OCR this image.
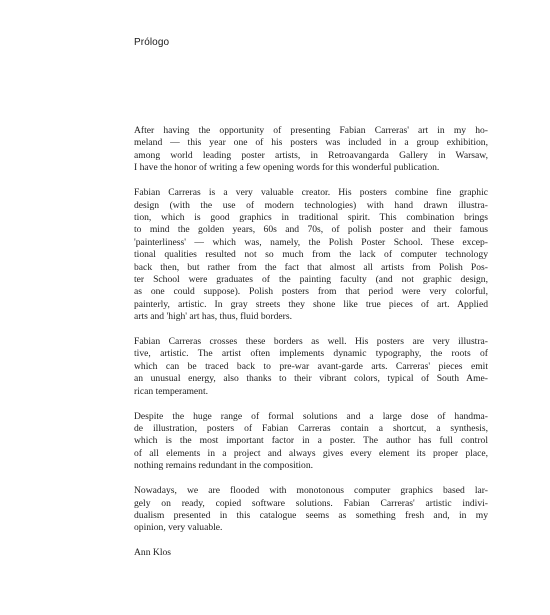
Prólogo
After having the opportunity of presenting Fabian Carreras' art in my ho-
meland — this year one of his posters was included in a group exhibition,
among world leading poster artists, in Retroavangarda Gallery in Warsaw,
I have the honor of writing a few opening words for this wonderful publication.
Fabian Carreras is a very valuable creator. His posters combine fine graphic
design (with the use of modern technologies) with hand drawn illustra-
tion, which is good graphics in traditional spirit. This combination brings
to mind the golden years, 60s and 70s, of polish poster and their famous
'painterliness' — which was, namely, the Polish Poster School. These excep-
tional qualities resulted not so much from the lack of computer technology
back then, but rather from the fact that almost all artists from Polish Pos-
ter School were graduates of the painting faculty (and not graphic design,
as one could suppose). Polish posters from that period were very colorful,
painterly, artistic. In gray streets they shone like true pieces of art. Applied
arts and 'high' art has, thus, fluid borders.
Fabian Carreras crosses these borders as well. His posters are very illustra-
tive, artistic. The artist often implements dynamic typography, the roots of
which can be traced back to pre-war avant-garde arts. Carreras' pieces emit
an unusual energy, also thanks to their vibrant colors, typical of South Ame-
rican temperament.
Despite the huge range of formal solutions and a large dose of handma-
de illustration, posters of Fabian Carreras contain a shortcut, a synthesis,
which is the most important factor in a poster. The author has full control
of all elements in a project and always gives every element its proper place,
nothing remains redundant in the composition.
Nowadays, we are flooded with monotonous computer graphics based lar-
gely on ready, copied software solutions. Fabian Carreras' artistic indivi-
dualism presented in this catalogue seems as something fresh and, in my
opinion, very valuable.
Ann Klos
